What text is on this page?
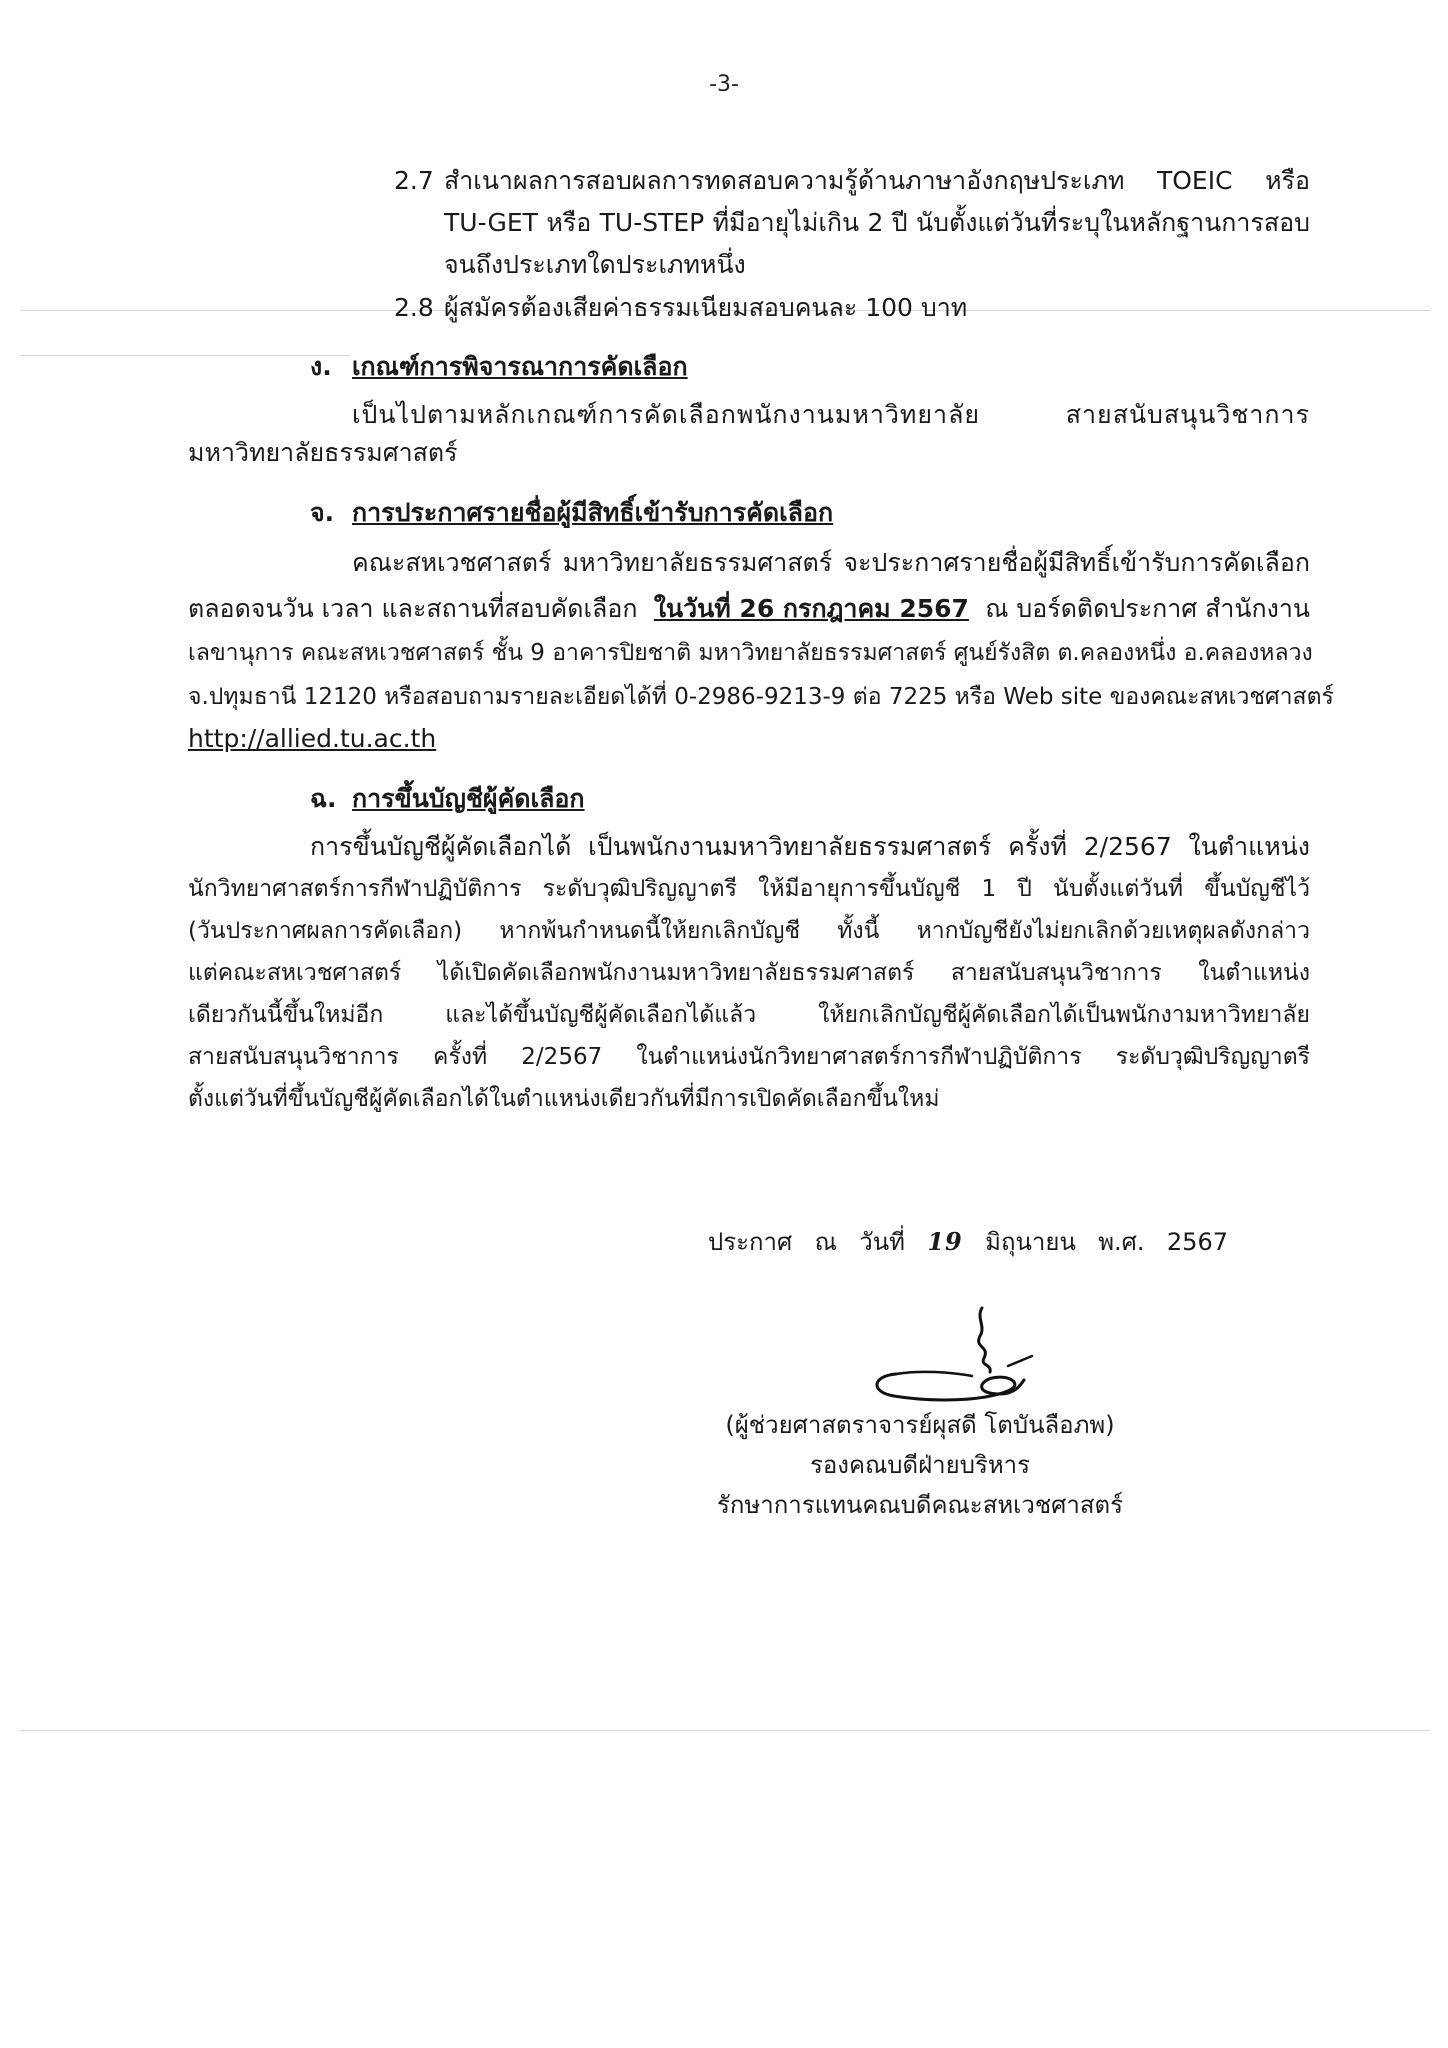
-3-
2.7 สำเนาผลการสอบผลการทดสอบความรู้ด้านภาษาอังกฤษประเภท TOEIC หรือ
TU-GET หรือ TU-STEP ที่มีอายุไม่เกิน 2 ปี นับตั้งแต่วันที่ระบุในหลักฐานการสอบ
จนถึงประเภทใดประเภทหนึ่ง
2.8 ผู้สมัครต้องเสียค่าธรรมเนียมสอบคนละ 100 บาท
ง. เกณฑ์การพิจารณาการคัดเลือก
เป็นไปตามหลักเกณฑ์การคัดเลือกพนักงานมหาวิทยาลัย สายสนับสนุนวิชาการ
มหาวิทยาลัยธรรมศาสตร์
จ. การประกาศรายชื่อผู้มีสิทธิ์เข้ารับการคัดเลือก
คณะสหเวชศาสตร์ มหาวิทยาลัยธรรมศาสตร์ จะประกาศรายชื่อผู้มีสิทธิ์เข้ารับการคัดเลือก
ตลอดจนวัน เวลา และสถานที่สอบคัดเลือก ในวันที่ 26 กรกฎาคม 2567 ณ บอร์ดติดประกาศ สำนักงาน
เลขานุการ คณะสหเวชศาสตร์ ชั้น 9 อาคารปิยชาติ มหาวิทยาลัยธรรมศาสตร์ ศูนย์รังสิต ต.คลองหนึ่ง อ.คลองหลวง
จ.ปทุมธานี 12120 หรือสอบถามรายละเอียดได้ที่ 0-2986-9213-9 ต่อ 7225 หรือ Web site ของคณะสหเวชศาสตร์
http://allied.tu.ac.th
ฉ. การขึ้นบัญชีผู้คัดเลือก
การขึ้นบัญชีผู้คัดเลือกได้ เป็นพนักงานมหาวิทยาลัยธรรมศาสตร์ ครั้งที่ 2/2567 ในตำแหน่ง
นักวิทยาศาสตร์การกีฬาปฏิบัติการ ระดับวุฒิปริญญาตรี ให้มีอายุการขึ้นบัญชี 1 ปี นับตั้งแต่วันที่ ขึ้นบัญชีไว้
(วันประกาศผลการคัดเลือก) หากพ้นกำหนดนี้ให้ยกเลิกบัญชี ทั้งนี้ หากบัญชียังไม่ยกเลิกด้วยเหตุผลดังกล่าว
แต่คณะสหเวชศาสตร์ ได้เปิดคัดเลือกพนักงานมหาวิทยาลัยธรรมศาสตร์ สายสนับสนุนวิชาการ ในตำแหน่ง
เดียวกันนี้ขึ้นใหม่อีก และได้ขึ้นบัญชีผู้คัดเลือกได้แล้ว ให้ยกเลิกบัญชีผู้คัดเลือกได้เป็นพนักงามหาวิทยาลัย
สายสนับสนุนวิชาการ ครั้งที่ 2/2567 ในตำแหน่งนักวิทยาศาสตร์การกีฬาปฏิบัติการ ระดับวุฒิปริญญาตรี
ตั้งแต่วันที่ขึ้นบัญชีผู้คัดเลือกได้ในตำแหน่งเดียวกันที่มีการเปิดคัดเลือกขึ้นใหม่
ประกาศ ณ วันที่ 19 มิถุนายน พ.ศ. 2567
(ผู้ช่วยศาสตราจารย์ผุสดี โตบันลือภพ)
รองคณบดีฝ่ายบริหาร
รักษาการแทนคณบดีคณะสหเวชศาสตร์
